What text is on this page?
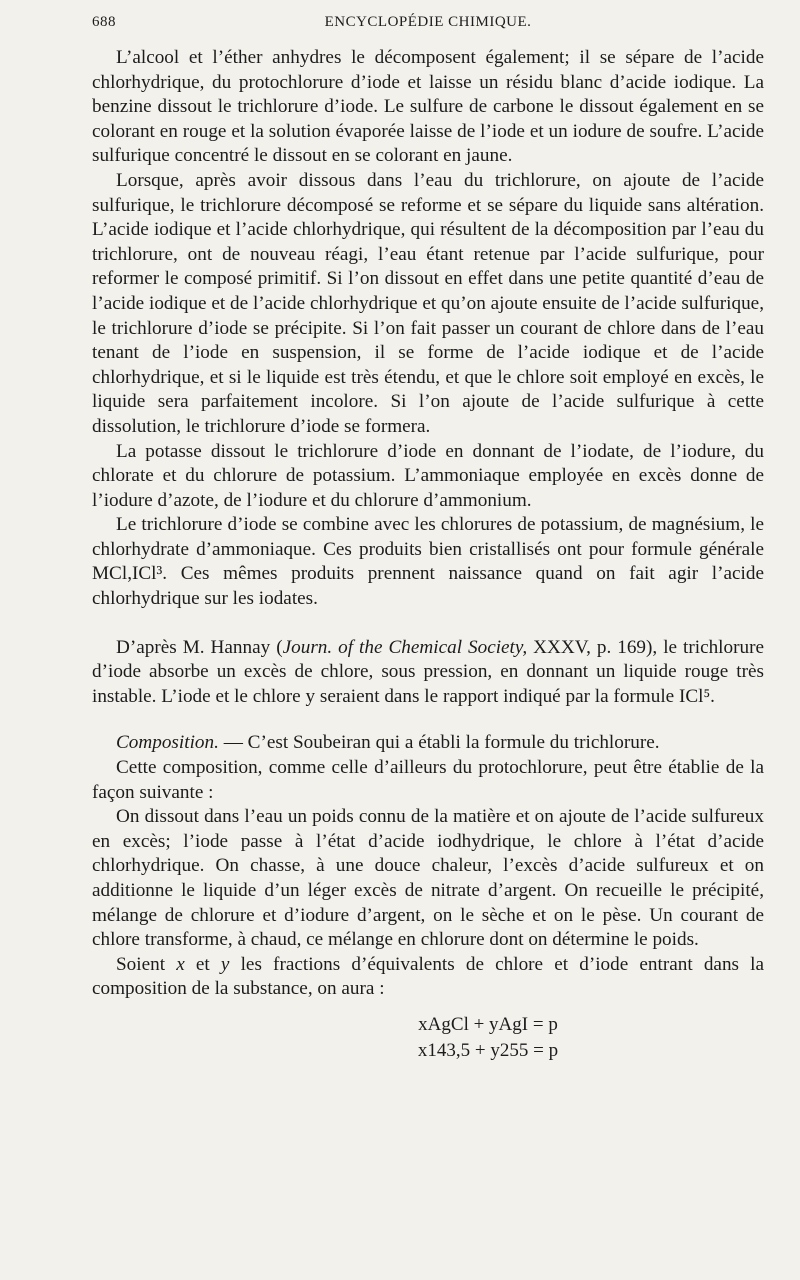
688	ENCYCLOPÉDIE CHIMIQUE.

L’alcool et l’éther anhydres le décomposent également; il se sépare de l’acide chlorhydrique, du protochlorure d’iode et laisse un résidu blanc d’acide iodique. La benzine dissout le trichlorure d’iode. Le sulfure de carbone le dissout également en se colorant en rouge et la solution évaporée laisse de l’iode et un iodure de soufre. L’acide sulfurique concentré le dissout en se colorant en jaune.

Lorsque, après avoir dissous dans l’eau du trichlorure, on ajoute de l’acide sulfurique, le trichlorure décomposé se reforme et se sépare du liquide sans altération. L’acide iodique et l’acide chlorhydrique, qui résultent de la décomposition par l’eau du trichlorure, ont de nouveau réagi, l’eau étant retenue par l’acide sulfurique, pour reformer le composé primitif. Si l’on dissout en effet dans une petite quantité d’eau de l’acide iodique et de l’acide chlorhydrique et qu’on ajoute ensuite de l’acide sulfurique, le trichlorure d’iode se précipite. Si l’on fait passer un courant de chlore dans de l’eau tenant de l’iode en suspension, il se forme de l’acide iodique et de l’acide chlorhydrique, et si le liquide est très étendu, et que le chlore soit employé en excès, le liquide sera parfaitement incolore. Si l’on ajoute de l’acide sulfurique à cette dissolution, le trichlorure d’iode se formera.

La potasse dissout le trichlorure d’iode en donnant de l’iodate, de l’iodure, du chlorate et du chlorure de potassium. L’ammoniaque employée en excès donne de l’iodure d’azote, de l’iodure et du chlorure d’ammonium.

Le trichlorure d’iode se combine avec les chlorures de potassium, de magnésium, le chlorhydrate d’ammoniaque. Ces produits bien cristallisés ont pour formule générale MCl,ICl³. Ces mêmes produits prennent naissance quand on fait agir l’acide chlorhydrique sur les iodates.

D’après M. Hannay (Journ. of the Chemical Society, XXXV, p. 169), le trichlorure d’iode absorbe un excès de chlore, sous pression, en donnant un liquide rouge très instable. L’iode et le chlore y seraient dans le rapport indiqué par la formule ICl⁵.

Composition. — C’est Soubeiran qui a établi la formule du trichlorure.

Cette composition, comme celle d’ailleurs du protochlorure, peut être établie de la façon suivante :

On dissout dans l’eau un poids connu de la matière et on ajoute de l’acide sulfureux en excès; l’iode passe à l’état d’acide iodhydrique, le chlore à l’état d’acide chlorhydrique. On chasse, à une douce chaleur, l’excès d’acide sulfureux et on additionne le liquide d’un léger excès de nitrate d’argent. On recueille le précipité, mélange de chlorure et d’iodure d’argent, on le sèche et on le pèse. Un courant de chlore transforme, à chaud, ce mélange en chlorure dont on détermine le poids.

Soient x et y les fractions d’équivalents de chlore et d’iode entrant dans la composition de la substance, on aura :

xAgCl + yAgI = p
x143,5 + y255 = p
